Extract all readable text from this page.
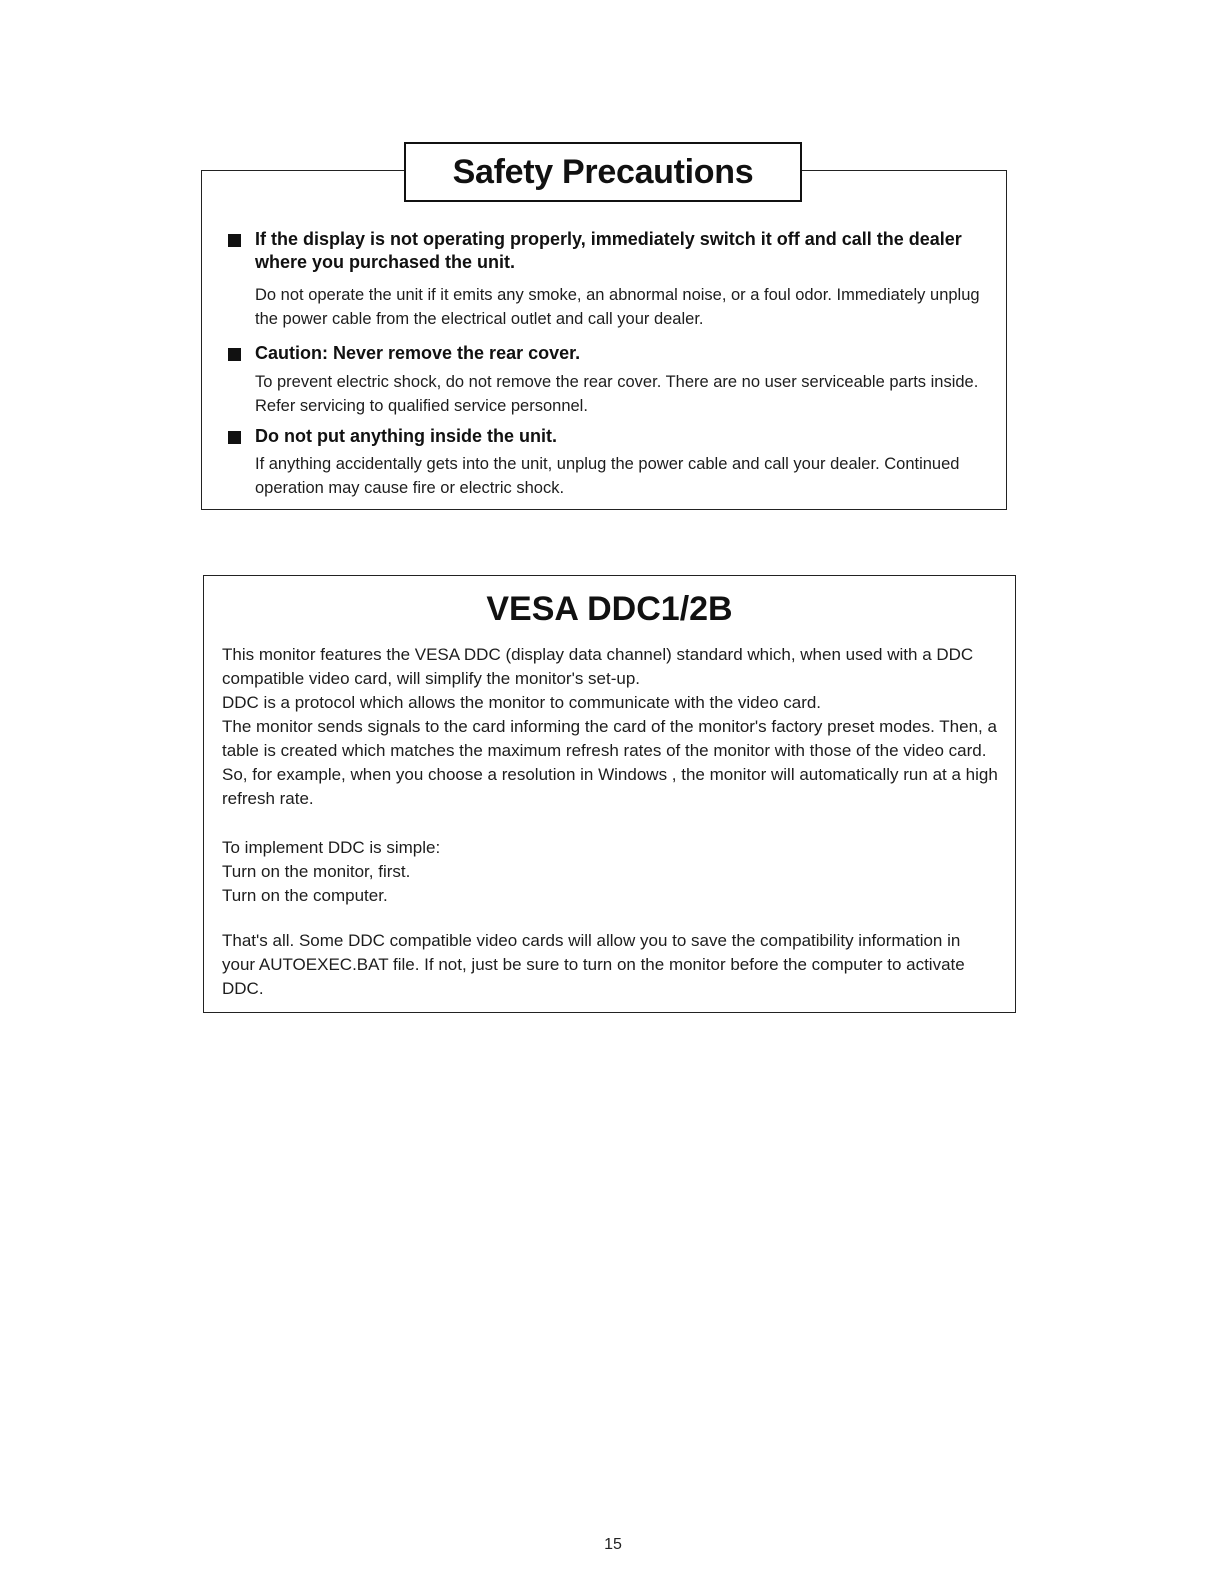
Safety Precautions
If the display is not operating properly, immediately switch it off and call the dealer where you purchased the unit.
Do not operate the unit if it emits any smoke, an abnormal noise, or a foul odor. Immediately unplug the power cable from the electrical outlet and call your dealer.
Caution: Never remove the rear cover.
To prevent electric shock, do not remove the rear cover. There are no user serviceable parts inside. Refer servicing to qualified service personnel.
Do not put anything inside the unit.
If anything accidentally gets into the unit, unplug the power cable and call your dealer. Continued operation may cause fire or electric shock.
VESA DDC1/2B
This monitor features the VESA DDC (display data channel) standard which, when used with a DDC compatible video card, will simplify the monitor's set-up.
DDC is a protocol which allows the monitor to communicate with the video card.
The monitor sends signals to the card informing the card of the monitor's factory preset modes. Then, a table is created which matches the maximum refresh rates of the monitor with those of the video card. So, for example, when you choose a resolution in Windows , the monitor will automatically run at a high refresh rate.
To implement DDC is simple:
Turn on the monitor, first.
Turn on the computer.
That's all. Some DDC compatible video cards will allow you to save the compatibility information in your AUTOEXEC.BAT file. If not, just be sure to turn on the monitor before the computer to activate DDC.
15
